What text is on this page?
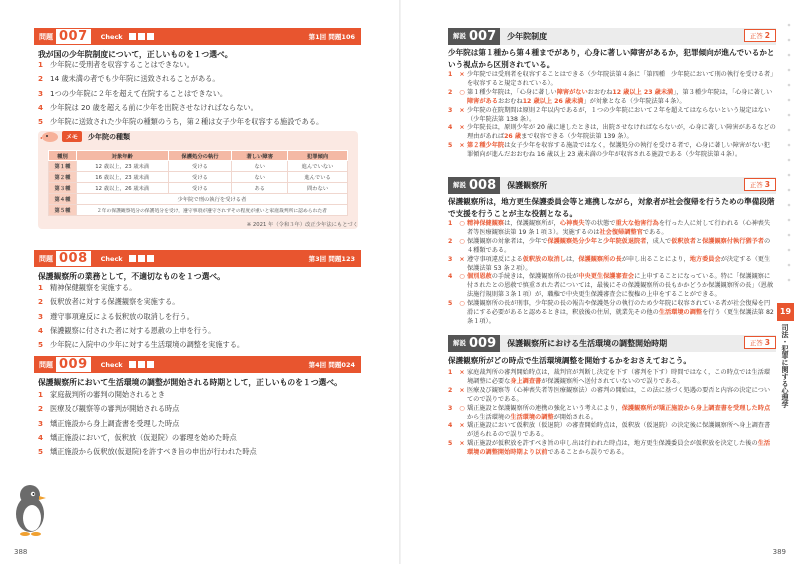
問題 007	Check	第1回 問題106
我が国の少年院制度について，正しいものを１つ選べ。
1 少年院に受刑者を収容することはできない。
2 14 歳未満の者でも少年院に送致されることがある。
3 1つの少年院に２年を超えて在院することはできない。
4 少年院は 20 歳を超える前に少年を出院させなければならない。
5 少年院に送致された少年院の種類のうち，第２種は女子少年を収容する施設である。
メモ	少年院の種類
種別	対象年齢	保護処分の執行	著しい障害	犯罪傾向
第１種	12 歳以上，23 歳未満	受ける	ない	進んでいない
第２種	16 歳以上，23 歳未満	受ける	ない	進んでいる
第３種	12 歳以上，26 歳未満	受ける	ある	問わない
第４種	少年院で刑の執行を受ける者			
第５種	２年の保護観察処分の保護処分を受け，遵守事項が遵守されずその程度が重いと家庭裁判所に認められた者			
※ 2021 年（令和３年）改正少年法にもとづく
問題 008	Check	第3回 問題123
保護観察所の業務として，不適切なものを１つ選べ。
1 精神保健観察を実施する。
2 仮釈放者に対する保護観察を実施する。
3 遵守事項違反による仮釈放の取消しを行う。
4 保護観察に付された者に対する恩赦の上申を行う。
5 少年院に入院中の少年に対する生活環境の調整を実施する。
問題 009	Check	第4回 問題024
保護観察所において生活環境の調整が開始される時期として，正しいものを１つ選べ。
1 家庭裁判所の審判の開始されるとき
2 医療及び観察等の審判が開始される時点
3 矯正施設から身上調査書を受理した時点
4 矯正施設において，仮釈放（仮退院）の審理を始めた時点
5 矯正施設から仮釈放(仮退院)を許すべき旨の申出が行われた時点
388
解説 007	少年院制度	正答 2
少年院は第１種から第４種までがあり，心身に著しい障害があるか，犯罪傾向が進んでいるかという視点から区別されている。
1	× 少年院では受刑者を収容することはできる（少年院法第４条に「第四種　少年院において刑の執行を受ける者」を収容すると規定されている）。
2	○ 第１種少年院は，「心身に著しい障害がないおおむね12 歳以上 23 歳未満」，第３種少年院は，「心身に著しい障害があるおおむね12 歳以上 26 歳未満」が対象となる（少年院法第４条）。
3	× 少年院の在院期間は原則２年以内であるが，１つの少年院において２年を超えてはならないという規定はない（少年院法第 138 条）。
4	× 少年院長は，原則少年が 20 歳に達したときは，出院させなければならないが，心身に著しい障害があるなどの理由があれば26 歳まで収容できる（少年院法第 139 条）。
5	× 第２種少年院は女子少年を収容する施設ではなく，保護処分の執行を受ける者で，心身に著しい障害がない犯罪傾向が進んだおおむね 16 歳以上 23 歳未満の少年が収容される施設である（少年院法第４条）。
解説 008	保護観察所	正答 3
保護観察所は，地方更生保護委員会等と連携しながら，対象者が社会復帰を行うための準備段階で支援を行うことが主な役割となる。
1	○ 精神保健観察は，保護観察所が，心神喪失等の状態で重大な他害行為を行った人に対して行われる（心神喪失者等医療観察法第 19 条１項３）。実施するのは社会復帰調整官である。
2	○ 保護観察の対象者は，少年で保護観察処分少年と少年院仮退院者，成人で仮釈放者と保護観察付執行猶予者の４種類である。
3	× 遵守事項違反による仮釈放の取消しは，保護観察所の長が申し出ることにより，地方委員会が決定する（更生保護法第 53 条２項）。
4	○ 個別恩赦の手続きは，保護観察所の長が中央更生保護審査会に上申することになっている。特に「保護観察に付されたとの恩赦で慎重された者については，最後にその保護観察所の長もかかどうか保護観察所の長」（恩赦法施行規則第３条１項）が，職権で中央更生保護審査会に復権の上申をすることができる。
5	○ 保護観察所の長が刑事，少年院の長の報告や保護処分の執行のため少年院に収容されている者が社会復帰を円滑にする必要があると認めるときは，釈放後の住居，就業先その他の生活環境の調整を行う（更生保護法第 82 条１項）。
解説 009	保護観察所における生活環境の調整開始時期	正答 3
保護観察所がどの時点で生活環境調整を開始するかをおさえておこう。
1	× 家庭裁判所の審判開始時点は，裁判官が判断し決定を下す（審判を下す）時間ではなく，この時点では生活環境調整に必要な身上調査書が保護観察所へ送付されていないので誤りである。
2	× 医療及び観察等（心神喪失者等医療観察法）の審判の開始は，この法に基づく処遇の要否と内容の決定についてので誤りである。
3	○ 矯正施設と保護観察所の連携の強化という考えにより，保護観察所が矯正施設から身上調査書を受理した時点から生活環境の生活環境の調整が開始される。
4	× 矯正施設において仮釈放（仮退院）の審査開始時点は，仮釈放（仮退院）の決定後に保護観察所へ身上調査書が送られるので誤りである。
5	× 矯正施設が仮釈放を許すべき旨の申し出は行われた時点は，地方更生保護委員会が仮釈放を決定した後の生活環境の調整開始時期より以前であることから誤りである。
389
19
司法・犯罪に関する心理学
